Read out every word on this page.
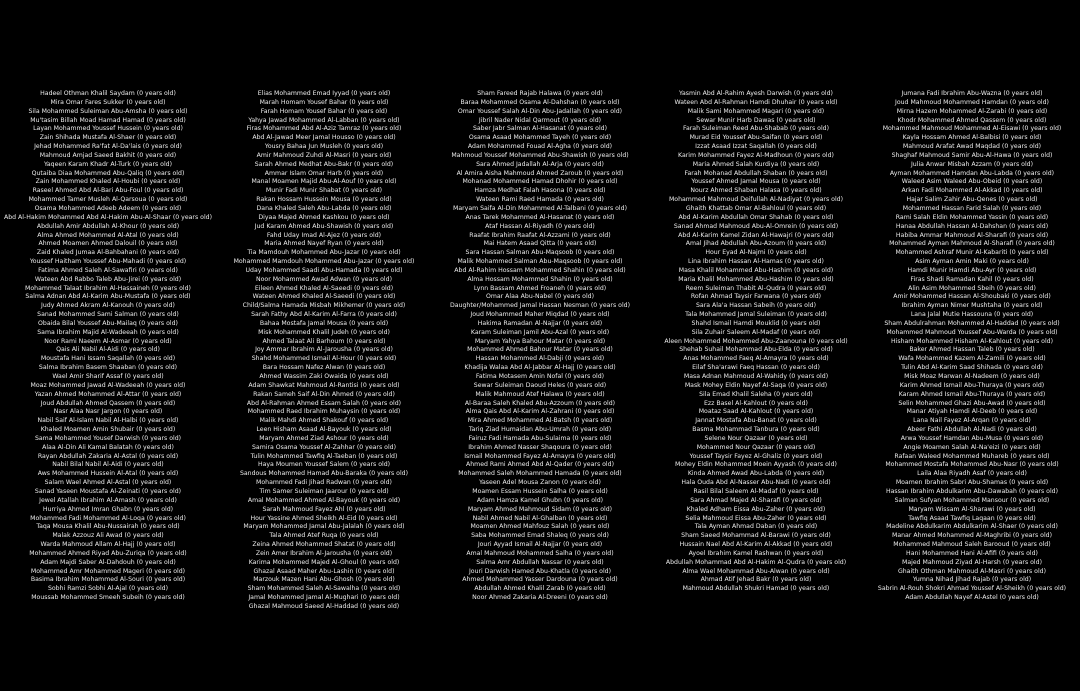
Hadeel Othman Khalil Saydam (0 years old)
Mira Omar Fares Sukker (0 years old)
Sila Mohammed Suleiman Abu-Amsha (0 years old)
Mu'tasim Billah Moad Hamad Hamad (0 years old)
Layan Mohammed Youssef Hussein (0 years old)
Zain Shihada Mustafa Al-Shaer (0 years old)
Jehad Mohammed Ra'fat Al-Da'lais (0 years old)
Mahmoud Amjad Saeed Bakhit (0 years old)
Yaqeen Karam Khadr Al-Turk (0 years old)
Qutaiba Diaa Mohammed Abu-Qaliq (0 years old)
Zain Mohammed Khaled Al-Houbi (0 years old)
Raseel Ahmed Abd Al-Bari Abu-Foul (0 years old)
Mohammed Tamer Musleh Al-Qarsoua (0 years old)
Osama Mohammed Adeeb Adeem (0 years old)
Abd Al-Hakim Mohammed Abd Al-Hakim Abu-Al-Shaar (0 years old)
Abdullah Amir Abdullah Al-Khour (0 years old)
Alma Ahmed Mohammed Al-Atal (0 years old)
Ahmed Moamen Ahmed Dalouil (0 years old)
Zaid Khaled Jumaa Al-Bahbahani (0 years old)
Youssef Haitham Youssef Abu-Mahadi (0 years old)
Fatima Ahmed Saleh Al-Sawafiri (0 years old)
Wateen Abd Rabbo Taleb Abu-Jirei (0 years old)
Mohammed Talaat Ibrahim Al-Hassaineh (0 years old)
Salma Adnan Abd Al-Karim Abu-Mustafa (0 years old)
Judy Ahmed Akram Al-Kanouh (0 years old)
Sanad Mohammed Sami Salman (0 years old)
Obaida Bilal Youssef Abu-Mailaq (0 years old)
Sama Ibrahim Majid Al-Wadeeah (0 years old)
Noor Rami Naeem Al-Asmar (0 years old)
Qais Ali Nabil Al-Aidi (0 years old)
Moustafa Hani Issam Saqallah (0 years old)
Salma Ibrahim Basem Shaaban (0 years old)
Wael Amir Sharif Assaf (0 years old)
Moaz Mohammed Jawad Al-Wadeeah (0 years old)
Yazan Ahmed Mohammed Al-Attar (0 years old)
Joud Abdullah Ahmed Qassem (0 years old)
Nasr Alaa Nasr Jargon (0 years old)
Nabil Saif Al-Islam Nabil Al-Halbi (0 years old)
Khaled Moamen Amin Shubair (0 years old)
Sama Mohammed Yousef Darwish (0 years old)
Alaa Al-Din Ali Kamal Balatah (0 years old)
Rayan Abdullah Zakaria Al-Astal (0 years old)
Nabil Bilal Nabil Al-Aidi (0 years old)
Aws Mohammed Hussein Al-Atal (0 years old)
Salam Wael Ahmed Al-Astal (0 years old)
Sanad Yaseen Moustafa Al-Zeinati (0 years old)
Jewel Atallah Ibrahim Al-Amash (0 years old)
Hurriya Ahmed Imran Ghabn (0 years old)
Mohammed Fadi Mohammed Al-Loqa (0 years old)
Taqa Mousa Khalil Abu-Nussairah (0 years old)
Malak Azzouz Ali Awad (0 years old)
Warda Mahmoud Allam Al-Hajj (0 years old)
Mohammed Ahmed Riyad Abu-Zuriqa (0 years old)
Adam Majdi Saber Al-Dahdouh (0 years old)
Mohammed Amr Mohammed Mageri (0 years old)
Basima Ibrahim Mohammed Al-Souri (0 years old)
Sobhi Ramzi Sobhi Al-Ajal (0 years old)
Moussab Mohammed Smeeh Subeih (0 years old)
Elias Mohammed Emad Iyyad (0 years old)
Marah Homam Yousef Bahar (0 years old)
Farah Homam Yousef Bahar (0 years old)
Yahya Jawad Mohammed Al-Labban (0 years old)
Firas Mohammed Abd Al-Aziz Tamraz (0 years old)
Abd Al-Jawad Meer Jamal Housso (0 years old)
Yousry Bahaa Jun Musleh (0 years old)
Amir Mahmoud Zuhdi Al-Masri (0 years old)
Sarah Ahmed Medhat Abu-Bakr (0 years old)
Ammar Islam Omar Harb (0 years old)
Manal Moamen Majid Abu-Al-Aouf (0 years old)
Munir Fadi Munir Shabat (0 years old)
Rakan Hossam Hussein Mousa (0 years old)
Dana Khaled Saleh Abu-Labda (0 years old)
Diyaa Majed Ahmed Kashkou (0 years old)
Jud Karam Ahmed Abu-Shawish (0 years old)
Fahd Uday Imad Al-Ajez (0 years old)
Maria Ahmed Nayef Ryan (0 years old)
Tia Mamdouh Mohammed Abu-Jazar (0 years old)
Mohammed Mamdouh Mohammed Abu-Jazar (0 years old)
Uday Mohammed Saadi Abu-Hamada (0 years old)
Noor Mohammed Awad Adwan (0 years old)
Eileen Ahmed Khaled Al-Saeedi (0 years old)
Wateen Ahmed Khaled Al-Saeedi (0 years old)
Child/Salma Hamada Misbah Mikhemer (0 years old)
Sarah Fathy Abd Al-Karim Al-Farra (0 years old)
Bahaa Mostafa Jamal Mousa (0 years old)
Misk Mohammed Khalil Judeh (0 years old)
Ahmed Talaat Ali Barhoum (0 years old)
Joy Ammar Ibrahim Al-Jarousha (0 years old)
Shahd Mohammed Ismail Al-Hour (0 years old)
Bara Hossam Nafez Alwan (0 years old)
Ahmed Wassim Zaki Owaida (0 years old)
Adam Shawkat Mahmoud Al-Rantisi (0 years old)
Rakan Sameh Saif Al-Din Ahmed (0 years old)
Abd Al-Rahman Ahmed Essam Salah (0 years old)
Mohammed Raed Ibrahim Muhaysin (0 years old)
Malik Mahdi Ahmed Shakouf (0 years old)
Leen Hisham Asaad Al-Bayouk (0 years old)
Maryam Ahmed Ziad Ashour (0 years old)
Samira Osama Youssef Al-Zahhar (0 years old)
Tulin Mohammed Tawfiq Al-Taeban (0 years old)
Haya Moumen Youssef Salem (0 years old)
Sandous Mohammed Hamad Abu-Baraka (0 years old)
Mohammed Fadi Jihad Radwan (0 years old)
Tim Samer Suleiman Jaarour (0 years old)
Amal Mohammed Ahmed Al-Bayouk (0 years old)
Sarah Mahmoud Fayez Ahl (0 years old)
Hour Yassine Ahmed Sheikh Al-Eid (0 years old)
Maryam Mohammed Jamal Abu-Jalalah (0 years old)
Tala Ahmed Atef Ruqa (0 years old)
Zeina Ahmed Mohammed Shatat (0 years old)
Zein Amer Ibrahim Al-Jarousha (0 years old)
Karima Mohammed Majed Al-Ghoul (0 years old)
Ghazal Asaad Maher Abu-Lashin (0 years old)
Marzouk Mazen Hani Abu-Ghosh (0 years old)
Sham Mohammed Saleh Al-Sawalha (0 years old)
Jamal Mohammed Jamal Al-Mughari (0 years old)
Ghazal Mahmoud Saeed Al-Haddad (0 years old)
Sham Fareed Rajab Halawa (0 years old)
Baraa Mohammed Osama Al-Dahshan (0 years old)
Omar Youssef Salah Al-Din Abu-Jadallah (0 years old)
Jibril Nader Nidal Qarmout (0 years old)
Saber Jabr Salman Al-Hasanat (0 years old)
Osama Asaad Mohammed Tayeh (0 years old)
Adam Mohammed Fouad Al-Agha (0 years old)
Mahmoud Youssef Mohammed Abu-Shawish (0 years old)
Sara Ahmed Jadallah Al-Arja (0 years old)
Al Amira Aisha Mahmoud Ahmed Zaroub (0 years old)
Mohanad Mohammed Hamad Dhohir (0 years old)
Hamza Medhat Falah Hasona (0 years old)
Wateen Rami Raed Hamada (0 years old)
Maryam Saifa Al-Din Mohammed Al-Talbani (0 years old)
Anas Tarek Mohammed Al-Hasanat (0 years old)
Ataf Hassan Al-Riyadh (0 years old)
Raafat Ibrahim Raafat Al-Azzami (0 years old)
Mai Hatem Asaad Qitta (0 years old)
Sara Hassan Salman Abu-Maqsoob (0 years old)
Malik Mohammed Salman Abu-Maqsoob (0 years old)
Abd Al-Rahim Hossam Mohammed Shahin (0 years old)
Alma Hossam Mohammed Shahin (0 years old)
Lynn Bassam Ahmed Froaneh (0 years old)
Omar Alaa Abu-Nabel (0 years old)
Daughter/Mohammed Jamal Hassan Nesman (0 years old)
Joud Mohammed Maher Miqdad (0 years old)
Hakima Ramadan Al-Najjar (0 years old)
Karam Suleiman Jamil Abu-Azal (0 years old)
Maryam Yahya Bahour Matar (0 years old)
Mohammed Ahmed Bahour Matar (0 years old)
Hassan Mohammed Al-Dabji (0 years old)
Khadija Walaa Abd Al-Jabbar Al-Hajj (0 years old)
Fatima Motasem Amin Nofal (0 years old)
Sewar Suleiman Daoud Heles (0 years old)
Malik Mahmoud Atef Halawa (0 years old)
Al-Baraa Saleh Khaled Abu-Azzoum (0 years old)
Alma Qais Abd Al-Karim Al-Zahrani (0 years old)
Mira Ahmed Mohammed Al-Batsh (0 years old)
Tariq Ziad Humaidan Abu-Umrah (0 years old)
Fairuz Fadi Hamada Abu-Sulaima (0 years old)
Ibrahim Ahmed Nasser Shaqoura (0 years old)
Ismail Mohammed Fayez Al-Amayra (0 years old)
Ahmed Rami Ahmed Abd Al-Qader (0 years old)
Mohammed Saleh Mohammed Hamada (0 years old)
Yaseen Adel Mousa Zanon (0 years old)
Moamen Essam Hussein Salha (0 years old)
Adam Hamza Kamel Ghubn (0 years old)
Maryam Ahmed Mahmoud Sidam (0 years old)
Nabil Ahmed Nabil Al-Ghalban (0 years old)
Moamen Ahmed Mahfouz Salah (0 years old)
Saba Mohammed Emad Shaleq (0 years old)
Jouri Ayyad Ismail Al-Najjar (0 years old)
Amal Mahmoud Mohammed Salha (0 years old)
Salma Amr Abdullah Nassar (0 years old)
Jouri Darwish Hamed Abu-Khatla (0 years old)
Ahmed Mohammed Yasser Dardouna (0 years old)
Abdullah Ahmed Khalil Zarab (0 years old)
Noor Ahmed Zakaria Al-Dreeni (0 years old)
Yasmin Abd Al-Rahim Ayesh Darwish (0 years old)
Wateen Abd Al-Rahman Hamdi Dhuhair (0 years old)
Malik Sami Mohammed Magari (0 years old)
Sewar Munir Harb Dawas (0 years old)
Farah Suleiman Reed Abu-Shabab (0 years old)
Murad Eid Youssef Abu-Saifan (0 years old)
Izzat Asaad Izzat Saqallah (0 years old)
Karim Mohammed Fayez Al-Madhoun (0 years old)
Maria Ahmed Salah Kurdiya (0 years old)
Farah Mohanad Abdullah Shaban (0 years old)
Youssef Ahmed Jamal Mousa (0 years old)
Nourz Ahmed Shaban Halasa (0 years old)
Mohammed Mahmoud Deifullah Al-Nadiyat (0 years old)
Ghaith Khattab Omar Al-Bahloul (0 years old)
Abd Al-Karim Abdullah Omar Shahab (0 years old)
Sanad Ahmad Mahmoud Abu-Al-Omrein (0 years old)
Abd Al-Karim Kamel Zidan Al-Hawajri (0 years old)
Amal Jihad Abdullah Abu-Azoum (0 years old)
Hour Eyad Al-Najmi (0 years old)
Lina Ibrahim Hassan Al-Hamas (0 years old)
Masa Khalil Mohammed Abu-Hashim (0 years old)
Maria Khalil Mohammed Abu-Hashim (0 years old)
Reem Suleiman Thabit Al-Qudra (0 years old)
Rofan Ahmad Taysir Farwana (0 years old)
Sara Ala'a Hassan Sabeih (0 years old)
Tala Mohammed Jamal Suleiman (0 years old)
Shahd Ismail Hamdi Mouklid (0 years old)
Sila Zuhair Saleem Al-Madaf (0 years old)
Aleen Mohammed Mohammed Abu-Zaanouna (0 years old)
Shehab Suhail Mohammad Abu-Elda (0 years old)
Anas Mohammed Faeq Al-Amayra (0 years old)
Eilaf Sha'arawi Faeq Hassan (0 years old)
Masa Adnan Mahmoud Al-Wahidy (0 years old)
Mask Mohey Eldin Nayef Al-Saqa (0 years old)
Sila Emad Khalil Saleha (0 years old)
Ezz Basel Al-Kahlout (0 years old)
Moataz Saad Al-Kahlout (0 years old)
Jannat Mostafa Abu-Banat (0 years old)
Basma Mohammad Tanbura (0 years old)
Selene Nour Qazaar (0 years old)
Mohammed Nour Qazaar (0 years old)
Youssef Taysir Fayez Al-Ghaliz (0 years old)
Mohey Eldin Mohammed Moein Ayyash (0 years old)
Kinda Ahmed Awad Abu-Labda (0 years old)
Hala Ouda Abd Al-Nasser Abu-Nadi (0 years old)
Rasil Bilal Saleem Al-Madaf (0 years old)
Sara Ahmad Majed Al-Sharafi (0 years old)
Khaled Adham Eissa Abu-Zaher (0 years old)
Selia Mahmoud Eissa Abu-Zaher (0 years old)
Tala Ayman Ahmad Daban (0 years old)
Sham Saeed Mohammad Al-Barawi (0 years old)
Hussain Nael Abd Al-Karim Al-Akkad (0 years old)
Ayoel Ibrahim Kamel Rashwan (0 years old)
Abdullah Mohammad Abd Al-Hakim Al-Qudra (0 years old)
Alma Wael Mohammad Abu-Alwan (0 years old)
Ahmad Atif Jehad Bakr (0 years old)
Mahmoud Abdullah Shukri Hamad (0 years old)
Jumana Fadi Ibrahim Abu-Wazna (0 years old)
Joud Mahmoud Mohammed Hamdan (0 years old)
Mirna Hazem Mohammed Al-Zarabi (0 years old)
Khodr Mohammed Ahmed Qassem (0 years old)
Mohammed Mahmoud Mohammed Al-Eisawi (0 years old)
Kayla Hossam Ahmed Al-Balbisi (0 years old)
Mahmoud Arafat Awad Maqdad (0 years old)
Shaghaf Mahmoud Samir Abu-Al-Hawa (0 years old)
Julia Anwar Misbah Azzam (0 years old)
Ayman Mohammed Hamdan Abu-Labda (0 years old)
Waleed Asim Waleed Abu-Obeid (0 years old)
Arkan Fadi Mohammed Al-Akkad (0 years old)
Hajar Salim Zahir Abu-Qenes (0 years old)
Mohammed Hassan Farid Salah (0 years old)
Rami Salah Eldin Mohammed Yassin (0 years old)
Hanaa Abdullah Hassan Al-Dahshan (0 years old)
Habiba Ammar Mahmoud Al-Sharafi (0 years old)
Mohammed Ayman Mahmoud Al-Sharafi (0 years old)
Mohammed Ashraf Munir Al-Kabariti (0 years old)
Asim Ayman Amin Maki (0 years old)
Hamdi Munir Hamdi Abu-Ayr (0 years old)
Firas Shadi Ramadan Kahil (0 years old)
Alin Asim Mohammed Sbeih (0 years old)
Amir Mohammed Hassan Al-Shoubaki (0 years old)
Ibrahim Ayman Nimer Mushtaha (0 years old)
Lana Jalal Mutie Hassouna (0 years old)
Sham Abdulrahman Mohammed Al-Haddad (0 years old)
Mohammed Mahmoud Youssef Abu-Warda (0 years old)
Hisham Mohammed Hisham Al-Kahlout (0 years old)
Baker Ahmed Hassan Taleb (0 years old)
Wafa Mohammed Kazem Al-Zamili (0 years old)
Tulin Abd Al-Karim Saad Shihada (0 years old)
Misk Moaz Marwan Al-Nadeem (0 years old)
Karim Ahmed Ismail Abu-Thuraya (0 years old)
Karam Ahmed Ismail Abu-Thuraya (0 years old)
Selin Mohammed Ghazi Abu-Awad (0 years old)
Manar Atiyah Hamdi Al-Deeb (0 years old)
Lana Nail Fayez Al-Arqan (0 years old)
Abeer Fathi Abdullah Al-Nadi (0 years old)
Arwa Youssef Hamdan Abu-Musa (0 years old)
Angie Moamen Salah Al-Na'eizi (0 years old)
Rafaan Waleed Mohammed Muhareb (0 years old)
Mohammed Mostafa Mohammed Abu-Nasr (0 years old)
Laila Alaa Riyadh Asaf (0 years old)
Moamen Ibrahim Sabri Abu-Shamas (0 years old)
Hassan Ibrahim Abdulkarim Abu-Dawabah (0 years old)
Salman Sufyan Mohammed Mansour (0 years old)
Maryam Wissam Al-Sharawi (0 years old)
Tawfiq Asaad Tawfiq Laqaan (0 years old)
Madeline Abdulkarim Abdulkarim Al-Shaer (0 years old)
Manar Ahmed Mohammed Al-Maghribi (0 years old)
Mohammed Mahmoud Saleh Barooud (0 years old)
Hani Mohammed Hani Al-Afifi (0 years old)
Majed Mahmoud Ziyad Al-Harsh (0 years old)
Ghaith Othman Mahmoud Al-Masri (0 years old)
Yumna Nihad Jihad Rajab (0 years old)
Sabrin Al-Rouh Shokri Ahmad Youssef Al-Sheikh (0 years old)
Adam Abdullah Nayef Al-Astel (0 years old)
